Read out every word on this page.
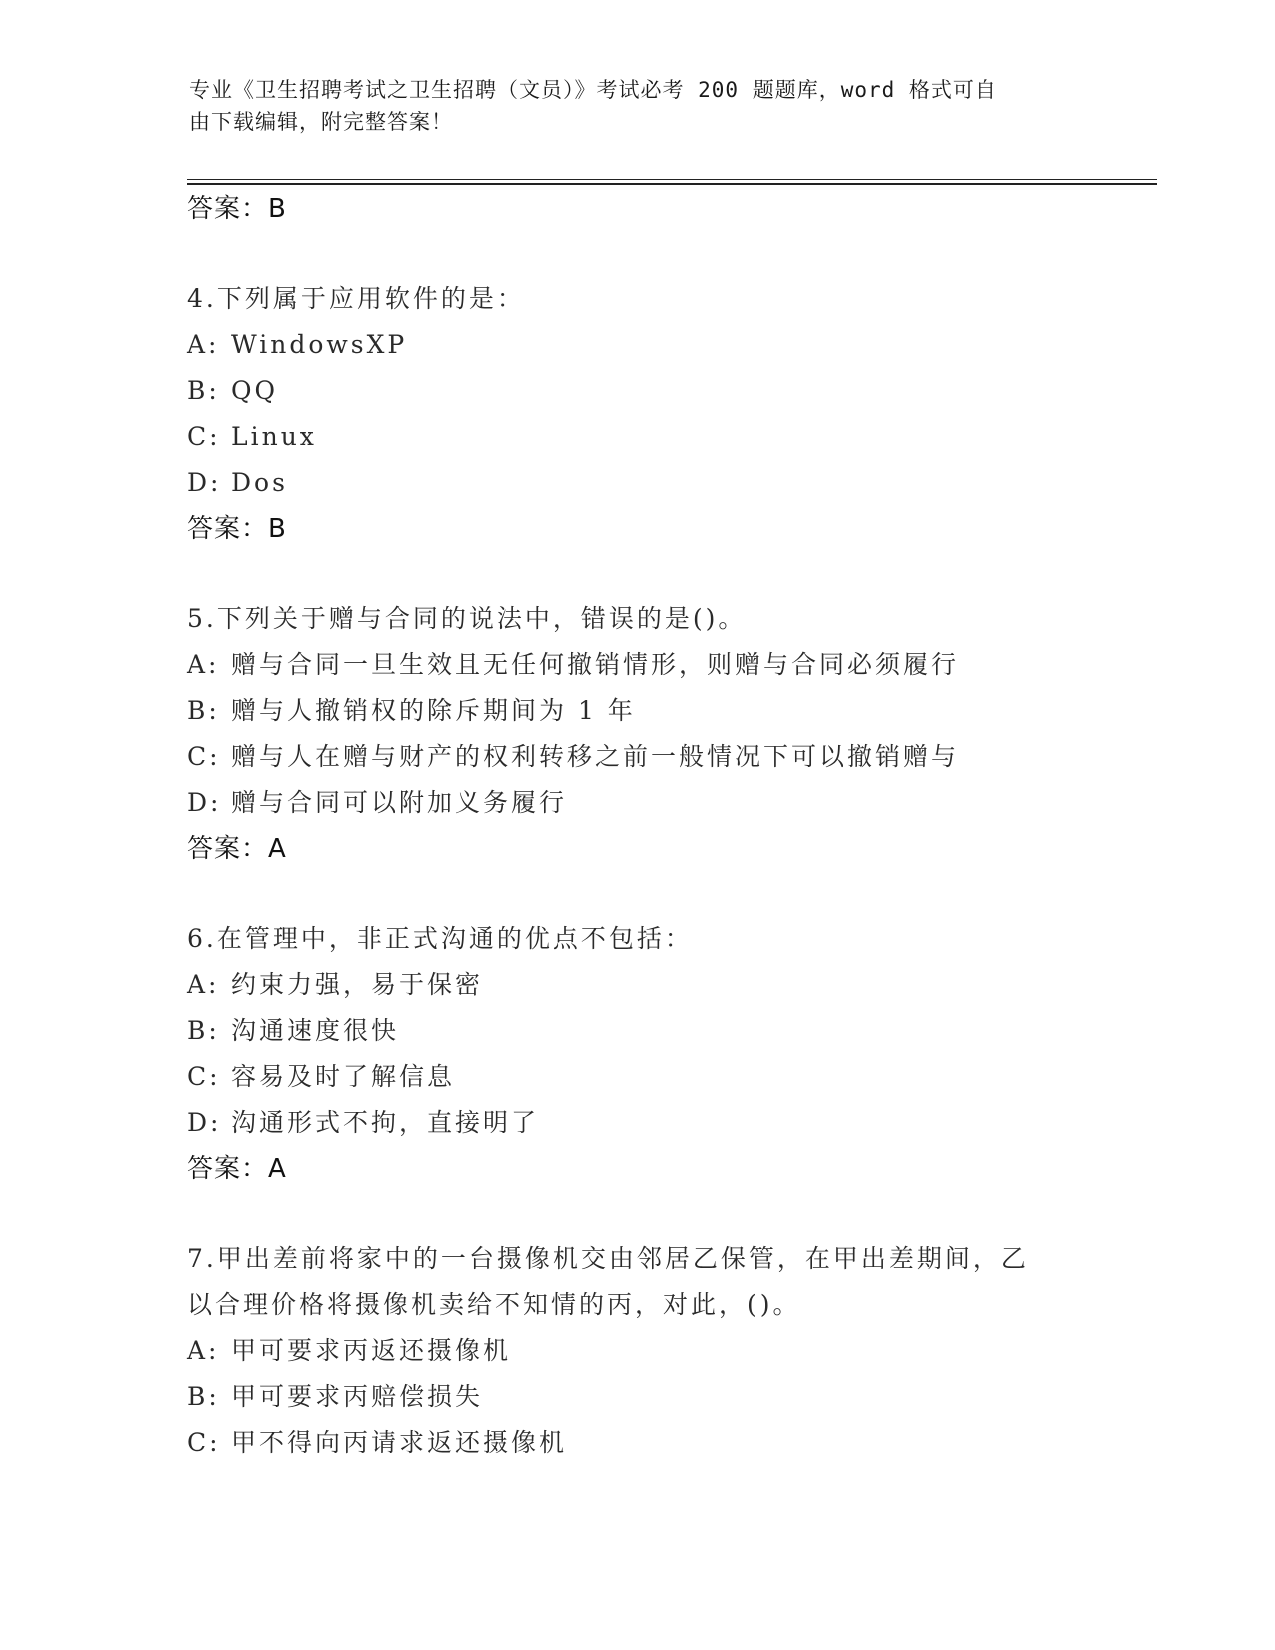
专业《卫生招聘考试之卫生招聘（文员）》考试必考 200 题题库，word 格式可自
由下载编辑，附完整答案！
答案：B
4.下列属于应用软件的是：
A: WindowsXP
B: QQ
C: Linux
D: Dos
答案：B
5.下列关于赠与合同的说法中，错误的是()。
A: 赠与合同一旦生效且无任何撤销情形，则赠与合同必须履行
B: 赠与人撤销权的除斥期间为 1 年
C: 赠与人在赠与财产的权利转移之前一般情况下可以撤销赠与
D: 赠与合同可以附加义务履行
答案：A
6.在管理中，非正式沟通的优点不包括：
A: 约束力强，易于保密
B: 沟通速度很快
C: 容易及时了解信息
D: 沟通形式不拘，直接明了
答案：A
7.甲出差前将家中的一台摄像机交由邻居乙保管，在甲出差期间，乙
以合理价格将摄像机卖给不知情的丙，对此，()。
A: 甲可要求丙返还摄像机
B: 甲可要求丙赔偿损失
C: 甲不得向丙请求返还摄像机
